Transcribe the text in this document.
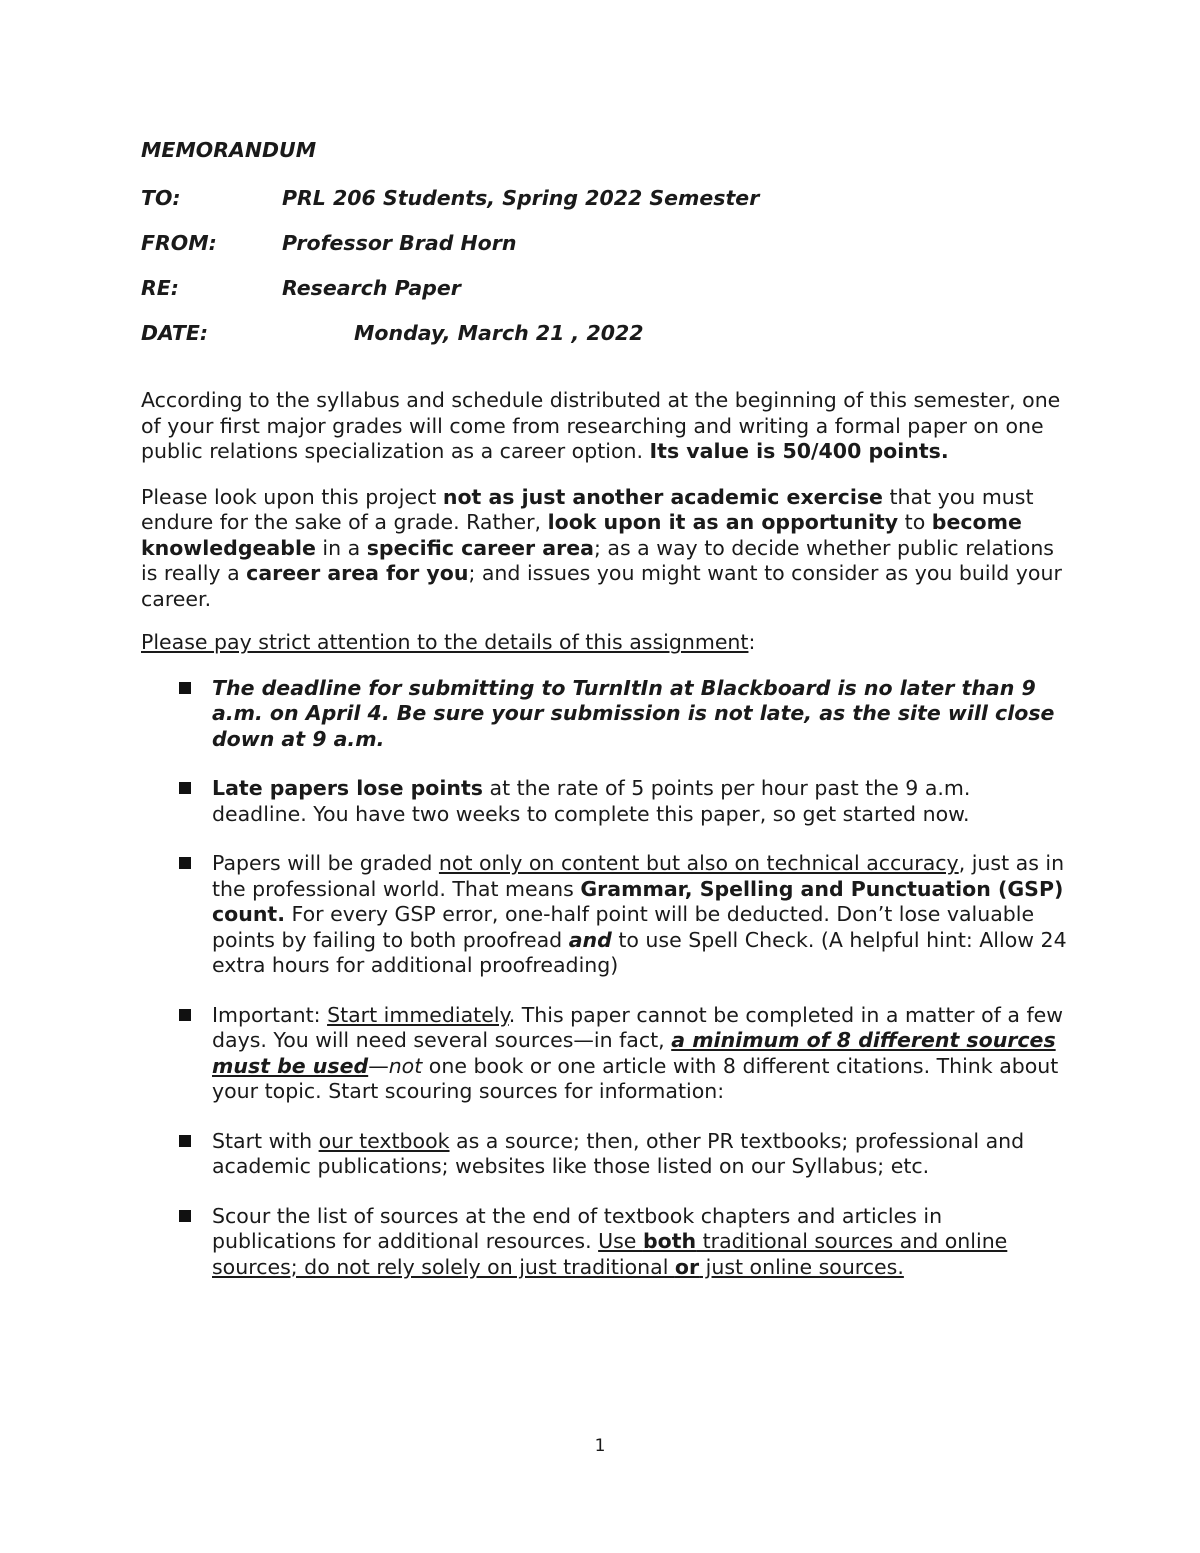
MEMORANDUM
TO:	PRL 206 Students, Spring 2022 Semester
FROM:	Professor Brad Horn
RE:	Research Paper
DATE:	Monday, March 21 , 2022

According to the syllabus and schedule distributed at the beginning of this semester, one of your first major grades will come from researching and writing a formal paper on one public relations specialization as a career option. Its value is 50/400 points.

Please look upon this project not as just another academic exercise that you must endure for the sake of a grade. Rather, look upon it as an opportunity to become knowledgeable in a specific career area; as a way to decide whether public relations is really a career area for you; and issues you might want to consider as you build your career.

Please pay strict attention to the details of this assignment:

The deadline for submitting to TurnItIn at Blackboard is no later than 9 a.m. on April 4. Be sure your submission is not late, as the site will close down at 9 a.m.
Late papers lose points at the rate of 5 points per hour past the 9 a.m. deadline. You have two weeks to complete this paper, so get started now.
Papers will be graded not only on content but also on technical accuracy, just as in the professional world. That means Grammar, Spelling and Punctuation (GSP) count. For every GSP error, one-half point will be deducted. Don’t lose valuable points by failing to both proofread and to use Spell Check. (A helpful hint: Allow 24 extra hours for additional proofreading)
Important: Start immediately. This paper cannot be completed in a matter of a few days. You will need several sources—in fact, a minimum of 8 different sources must be used—not one book or one article with 8 different citations. Think about your topic. Start scouring sources for information:
Start with our textbook as a source; then, other PR textbooks; professional and academic publications; websites like those listed on our Syllabus; etc.
Scour the list of sources at the end of textbook chapters and articles in publications for additional resources. Use both traditional sources and online sources; do not rely solely on just traditional or just online sources.
1
